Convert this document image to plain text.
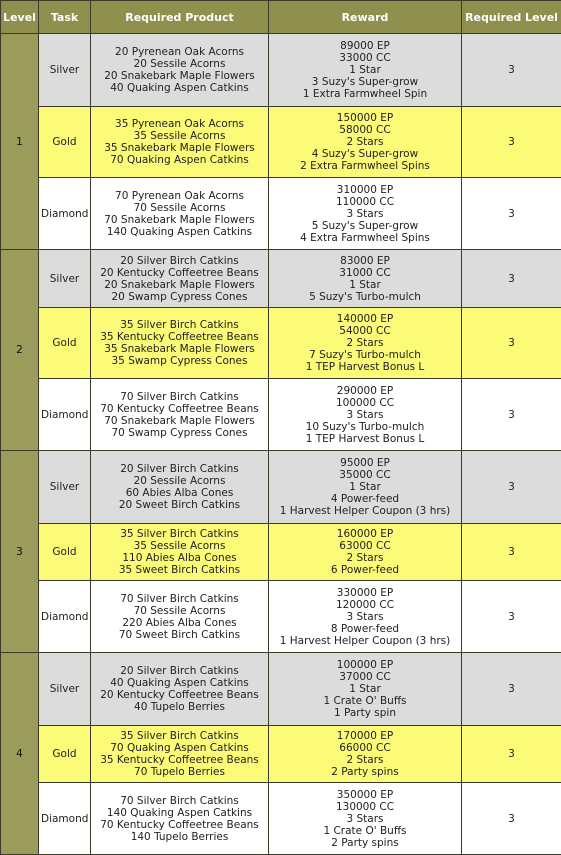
Level	Task	Required Product	Reward	Required Level
1	Silver	20 Pyrenean Oak Acorns
20 Sessile Acorns
20 Snakebark Maple Flowers
40 Quaking Aspen Catkins	89000 EP
33000 CC
1 Star
3 Suzy's Super-grow
1 Extra Farmwheel Spin	3
	Gold	35 Pyrenean Oak Acorns
35 Sessile Acorns
35 Snakebark Maple Flowers
70 Quaking Aspen Catkins	150000 EP
58000 CC
2 Stars
4 Suzy's Super-grow
2 Extra Farmwheel Spins	3
	Diamond	70 Pyrenean Oak Acorns
70 Sessile Acorns
70 Snakebark Maple Flowers
140 Quaking Aspen Catkins	310000 EP
110000 CC
3 Stars
5 Suzy's Super-grow
4 Extra Farmwheel Spins	3
2	Silver	20 Silver Birch Catkins
20 Kentucky Coffeetree Beans
20 Snakebark Maple Flowers
20 Swamp Cypress Cones	83000 EP
31000 CC
1 Star
5 Suzy's Turbo-mulch	3
	Gold	35 Silver Birch Catkins
35 Kentucky Coffeetree Beans
35 Snakebark Maple Flowers
35 Swamp Cypress Cones	140000 EP
54000 CC
2 Stars
7 Suzy's Turbo-mulch
1 TEP Harvest Bonus L	3
	Diamond	70 Silver Birch Catkins
70 Kentucky Coffeetree Beans
70 Snakebark Maple Flowers
70 Swamp Cypress Cones	290000 EP
100000 CC
3 Stars
10 Suzy's Turbo-mulch
1 TEP Harvest Bonus L	3
3	Silver	20 Silver Birch Catkins
20 Sessile Acorns
60 Abies Alba Cones
20 Sweet Birch Catkins	95000 EP
35000 CC
1 Star
4 Power-feed
1 Harvest Helper Coupon (3 hrs)	3
	Gold	35 Silver Birch Catkins
35 Sessile Acorns
110 Abies Alba Cones
35 Sweet Birch Catkins	160000 EP
63000 CC
2 Stars
6 Power-feed	3
	Diamond	70 Silver Birch Catkins
70 Sessile Acorns
220 Abies Alba Cones
70 Sweet Birch Catkins	330000 EP
120000 CC
3 Stars
8 Power-feed
1 Harvest Helper Coupon (3 hrs)	3
4	Silver	20 Silver Birch Catkins
40 Quaking Aspen Catkins
20 Kentucky Coffeetree Beans
40 Tupelo Berries	100000 EP
37000 CC
1 Star
1 Crate O' Buffs
1 Party spin	3
	Gold	35 Silver Birch Catkins
70 Quaking Aspen Catkins
35 Kentucky Coffeetree Beans
70 Tupelo Berries	170000 EP
66000 CC
2 Stars
2 Party spins	3
	Diamond	70 Silver Birch Catkins
140 Quaking Aspen Catkins
70 Kentucky Coffeetree Beans
140 Tupelo Berries	350000 EP
130000 CC
3 Stars
1 Crate O' Buffs
2 Party spins	3
